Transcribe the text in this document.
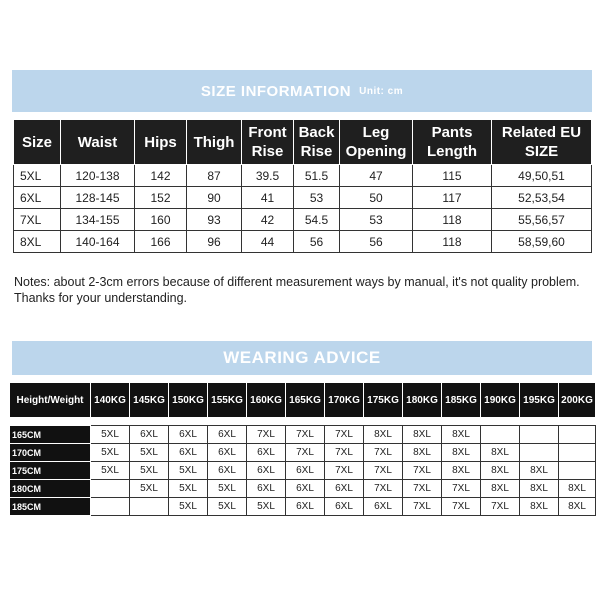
SIZE INFORMATION Unit: cm
Size	Waist	Hips	Thigh	Front Rise	Back Rise	Leg Opening	Pants Length	Related EU SIZE
5XL	120-138	142	87	39.5	51.5	47	115	49,50,51
6XL	128-145	152	90	41	53	50	117	52,53,54
7XL	134-155	160	93	42	54.5	53	118	55,56,57
8XL	140-164	166	96	44	56	56	118	58,59,60

Notes: about 2-3cm errors because of different measurement ways by manual, it's not quality problem.

Thanks for your understanding.

WEARING ADVICE
Height/Weight	140KG	145KG	150KG	155KG	160KG	165KG	170KG	175KG	180KG	185KG	190KG	195KG	200KG

165CM	5XL	6XL	6XL	6XL	7XL	7XL	7XL	8XL	8XL	8XL			
170CM	5XL	5XL	6XL	6XL	6XL	7XL	7XL	7XL	8XL	8XL	8XL		
175CM	5XL	5XL	5XL	6XL	6XL	6XL	7XL	7XL	7XL	8XL	8XL	8XL	
180CM		5XL	5XL	5XL	6XL	6XL	6XL	7XL	7XL	7XL	8XL	8XL	8XL
185CM			5XL	5XL	5XL	6XL	6XL	6XL	7XL	7XL	7XL	8XL	8XL
